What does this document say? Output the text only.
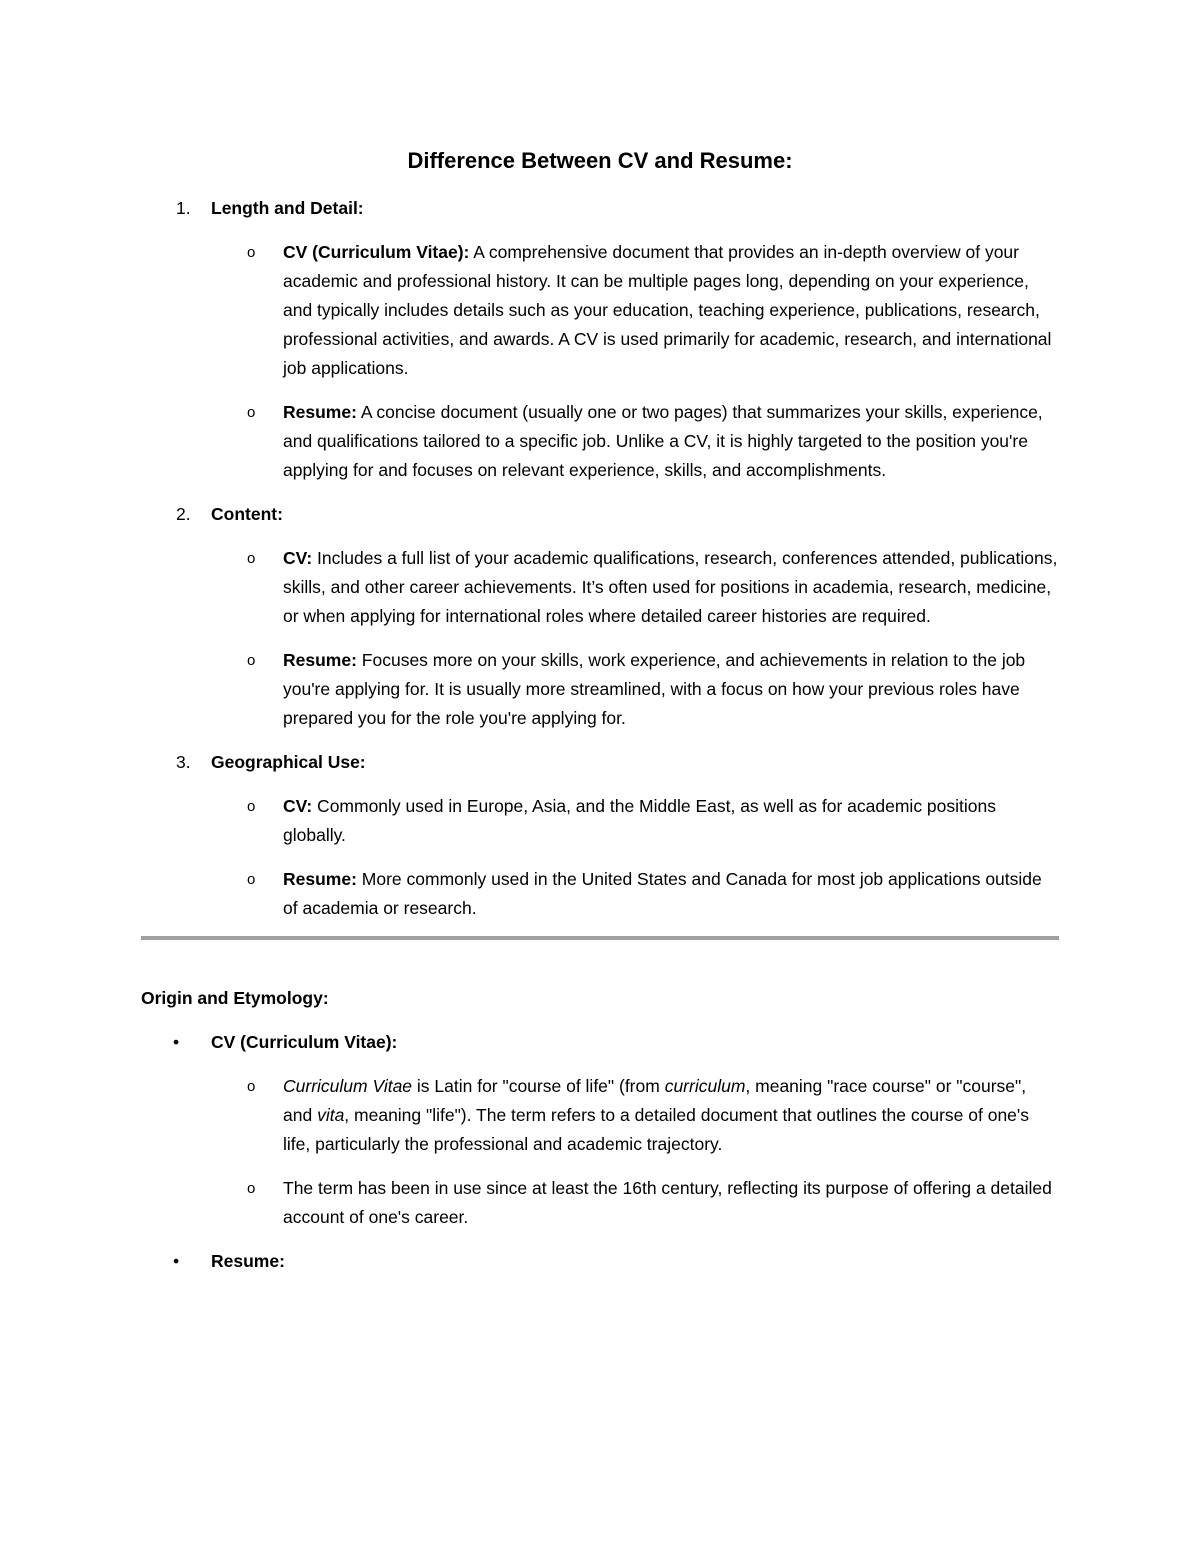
Difference Between CV and Resume:
1. Length and Detail:
o CV (Curriculum Vitae): A comprehensive document that provides an in-depth overview of your academic and professional history. It can be multiple pages long, depending on your experience, and typically includes details such as your education, teaching experience, publications, research, professional activities, and awards. A CV is used primarily for academic, research, and international job applications.
o Resume: A concise document (usually one or two pages) that summarizes your skills, experience, and qualifications tailored to a specific job. Unlike a CV, it is highly targeted to the position you're applying for and focuses on relevant experience, skills, and accomplishments.
2. Content:
o CV: Includes a full list of your academic qualifications, research, conferences attended, publications, skills, and other career achievements. It’s often used for positions in academia, research, medicine, or when applying for international roles where detailed career histories are required.
o Resume: Focuses more on your skills, work experience, and achievements in relation to the job you're applying for. It is usually more streamlined, with a focus on how your previous roles have prepared you for the role you're applying for.
3. Geographical Use:
o CV: Commonly used in Europe, Asia, and the Middle East, as well as for academic positions globally.
o Resume: More commonly used in the United States and Canada for most job applications outside of academia or research.
Origin and Etymology:
• CV (Curriculum Vitae):
o Curriculum Vitae is Latin for "course of life" (from curriculum, meaning "race course" or "course", and vita, meaning "life"). The term refers to a detailed document that outlines the course of one's life, particularly the professional and academic trajectory.
o The term has been in use since at least the 16th century, reflecting its purpose of offering a detailed account of one's career.
• Resume:
